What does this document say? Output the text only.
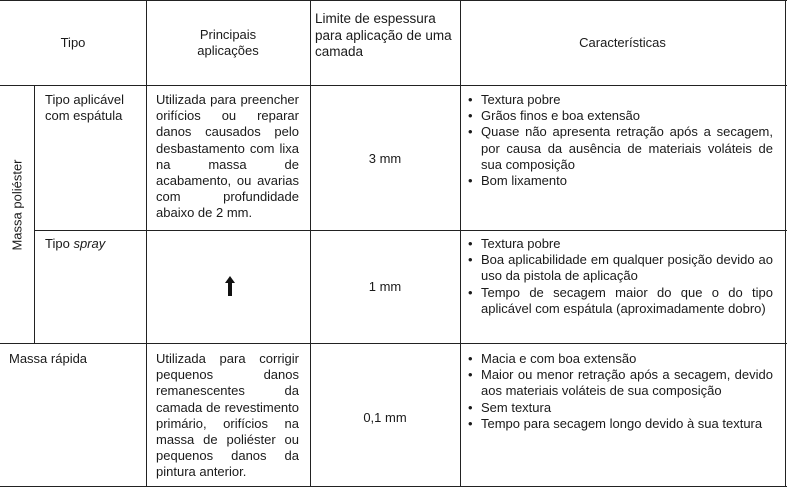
Tipo
Principais aplicações
Limite de espessura para aplicação de uma camada
Características
Massa poliéster
Tipo aplicável com espátula
Utilizada para preencher orifícios ou reparar danos causados pelo desbastamento com lixa na massa de acabamento, ou avarias com profundidade abaixo de 2 mm.
3 mm
• Textura pobre
• Grãos finos e boa extensão
• Quase não apresenta retração após a secagem, por causa da ausência de materiais voláteis de sua composição
• Bom lixamento
Tipo spray
1 mm
• Textura pobre
• Boa aplicabilidade em qualquer posição devido ao uso da pistola de aplicação
• Tempo de secagem maior do que o do tipo aplicável com espátula (aproximadamente dobro)
Massa rápida	Utilizada para corrigir pequenos danos remanescentes da camada de revestimento primário, orifícios na massa de poliéster ou pequenos danos da pintura anterior.
0,1 mm
• Macia e com boa extensão
• Maior ou menor retração após a secagem, devido aos materiais voláteis de sua composição
• Sem textura
• Tempo para secagem longo devido à sua textura
